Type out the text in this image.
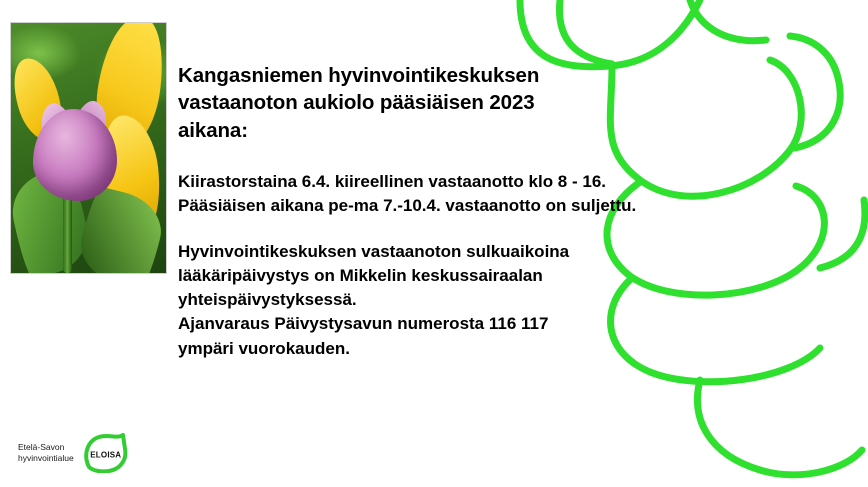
Kangasniemen hyvinvointikeskuksen
vastaanoton aukiolo pääsiäisen 2023
aikana:

Kiirastorstaina 6.4. kiireellinen vastaanotto klo 8 - 16.
Pääsiäisen aikana pe-ma 7.-10.4. vastaanotto on suljettu.

Hyvinvointikeskuksen vastaanoton sulkuaikoina
lääkäripäivystys on Mikkelin keskussairaalan
yhteispäivystyksessä.
Ajanvaraus Päivystysavun numerosta 116 117
ympäri vuorokauden.

Etelä-Savon
hyvinvointialue ELOISA
